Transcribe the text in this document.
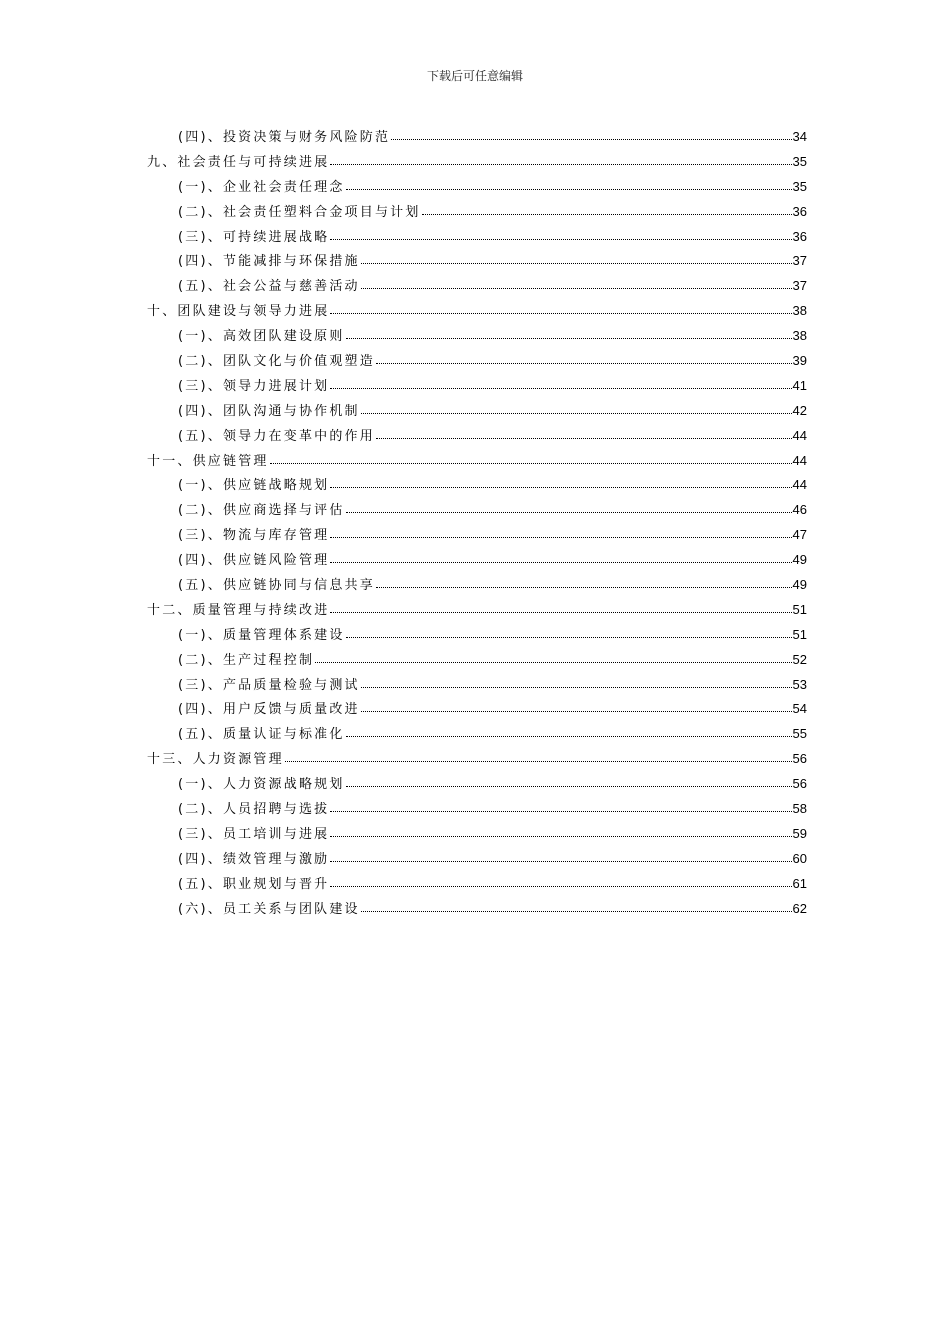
下载后可任意编辑
(四)、投资决策与财务风险防范	34
九、社会责任与可持续进展	35
(一)、企业社会责任理念	35
(二)、社会责任塑料合金项目与计划	36
(三)、可持续进展战略	36
(四)、节能减排与环保措施	37
(五)、社会公益与慈善活动	37
十、团队建设与领导力进展	38
(一)、高效团队建设原则	38
(二)、团队文化与价值观塑造	39
(三)、领导力进展计划	41
(四)、团队沟通与协作机制	42
(五)、领导力在变革中的作用	44
十一、供应链管理	44
(一)、供应链战略规划	44
(二)、供应商选择与评估	46
(三)、物流与库存管理	47
(四)、供应链风险管理	49
(五)、供应链协同与信息共享	49
十二、质量管理与持续改进	51
(一)、质量管理体系建设	51
(二)、生产过程控制	52
(三)、产品质量检验与测试	53
(四)、用户反馈与质量改进	54
(五)、质量认证与标准化	55
十三、人力资源管理	56
(一)、人力资源战略规划	56
(二)、人员招聘与选拔	58
(三)、员工培训与进展	59
(四)、绩效管理与激励	60
(五)、职业规划与晋升	61
(六)、员工关系与团队建设	62
